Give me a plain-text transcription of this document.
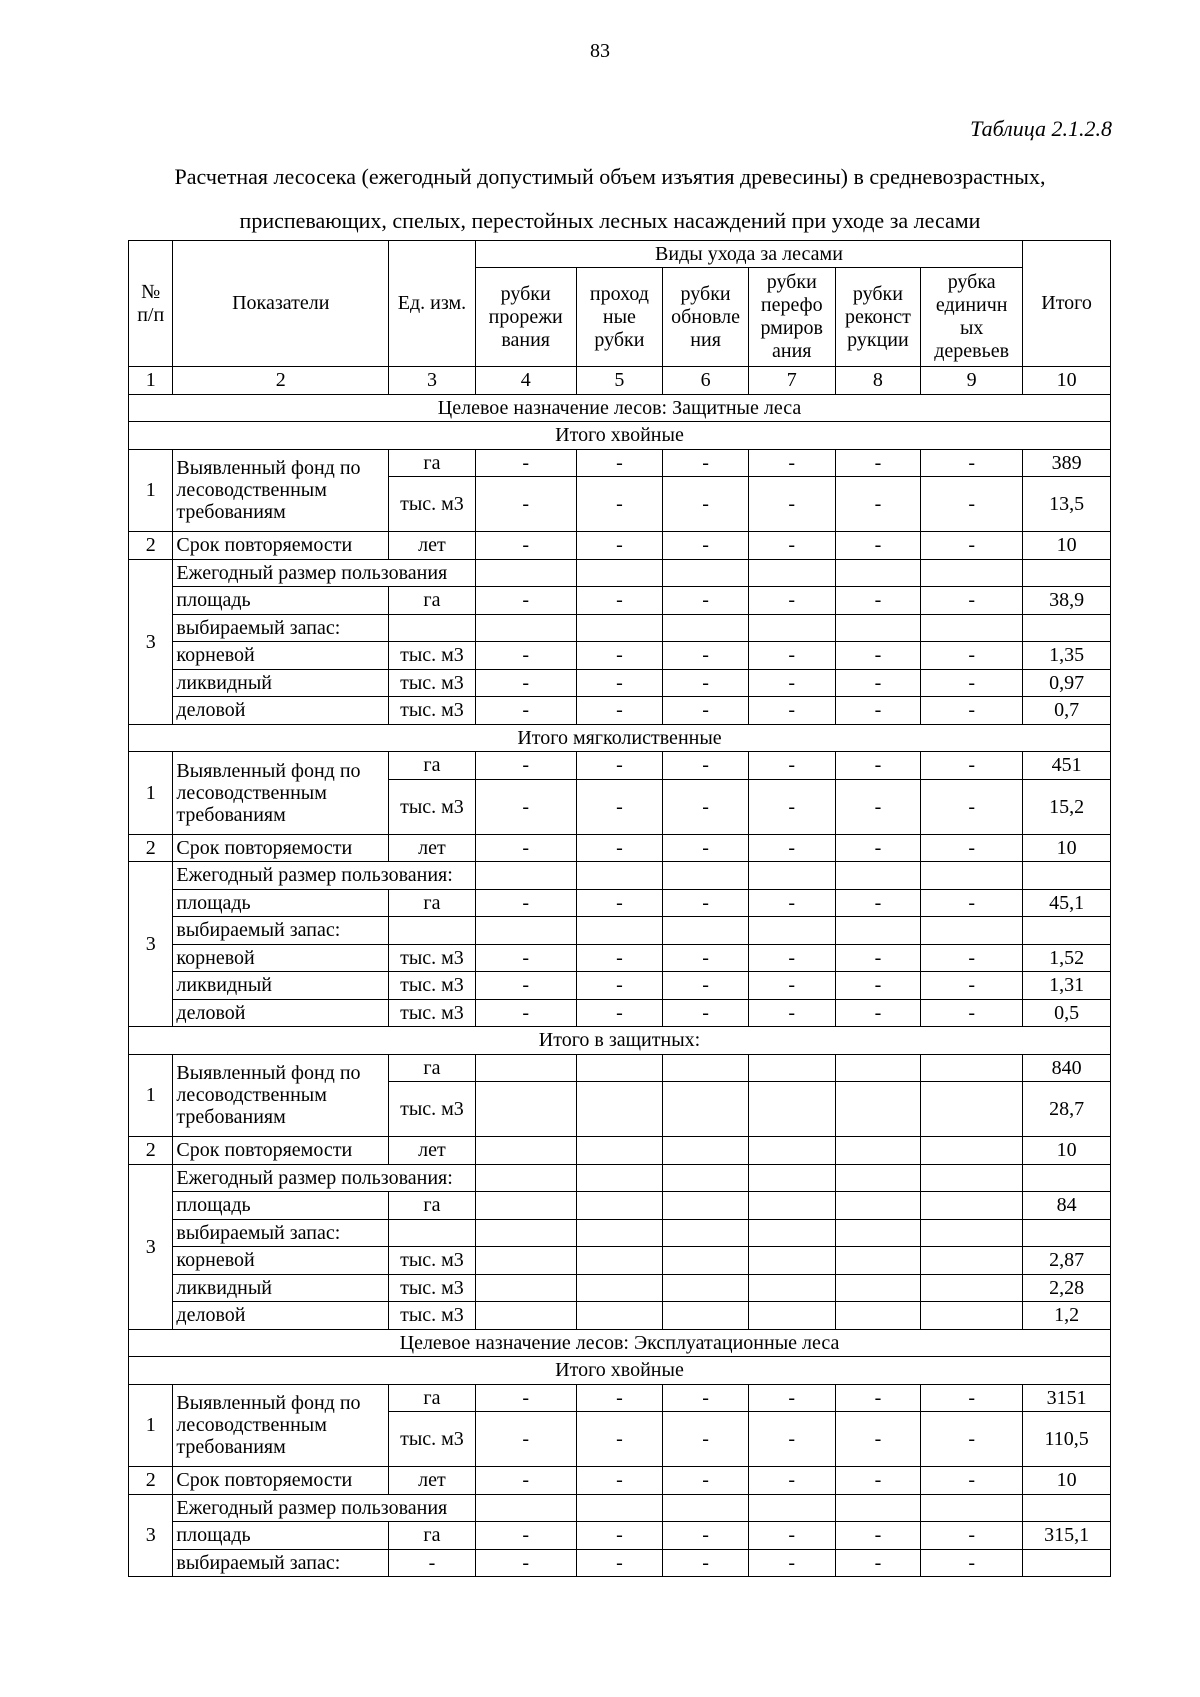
83
Таблица 2.1.2.8
Расчетная лесосека (ежегодный допустимый объем изъятия древесины) в средневозрастных,
приспевающих, спелых, перестойных лесных насаждений при уходе за лесами
№ п/п	Показатели	Ед. изм.	Виды ухода за лесами						Итого
			рубки прорежи вания	проход ные рубки	рубки обновле ния	рубки перефо рмиров ания	рубки реконст рукции	рубка единичн ых деревьев	
1	2	3	4	5	6	7	8	9	10
Целевое назначение лесов: Защитные леса									
Итого хвойные									
1	Выявленный фонд по лесоводственным требованиям	га	-	-	-	-	-	-	389
		тыс. м3	-	-	-	-	-	-	13,5
2	Срок повторяемости	лет	-	-	-	-	-	-	10
3	Ежегодный размер пользования								
	площадь	га	-	-	-	-	-	-	38,9
	выбираемый запас:								
	корневой	тыс. м3	-	-	-	-	-	-	1,35
	ликвидный	тыс. м3	-	-	-	-	-	-	0,97
	деловой	тыс. м3	-	-	-	-	-	-	0,7
Итого мягколиственные									
1	Выявленный фонд по лесоводственным требованиям	га	-	-	-	-	-	-	451
		тыс. м3	-	-	-	-	-	-	15,2
2	Срок повторяемости	лет	-	-	-	-	-	-	10
3	Ежегодный размер пользования:								
	площадь	га	-	-	-	-	-	-	45,1
	выбираемый запас:								
	корневой	тыс. м3	-	-	-	-	-	-	1,52
	ликвидный	тыс. м3	-	-	-	-	-	-	1,31
	деловой	тыс. м3	-	-	-	-	-	-	0,5
Итого в защитных:									
1	Выявленный фонд по лесоводственным требованиям	га							840
		тыс. м3							28,7
2	Срок повторяемости	лет							10
3	Ежегодный размер пользования:								
	площадь	га							84
	выбираемый запас:								
	корневой	тыс. м3							2,87
	ликвидный	тыс. м3							2,28
	деловой	тыс. м3							1,2
Целевое назначение лесов: Эксплуатационные леса									
Итого хвойные									
1	Выявленный фонд по лесоводственным требованиям	га	-	-	-	-	-	-	3151
		тыс. м3	-	-	-	-	-	-	110,5
2	Срок повторяемости	лет	-	-	-	-	-	-	10
3	Ежегодный размер пользования								
	площадь	га	-	-	-	-	-	-	315,1
	выбираемый запас:	-	-	-	-	-	-	-	
